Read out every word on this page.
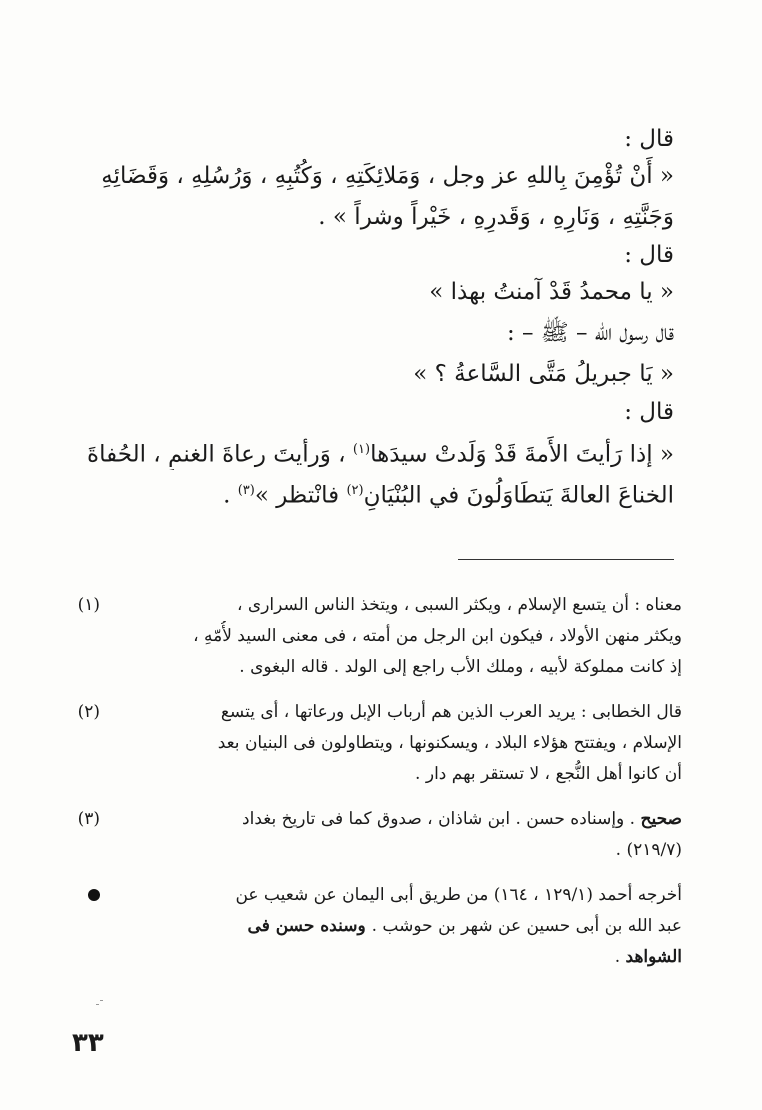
قال :
« أَنْ تُؤْمِنَ بِاللهِ عز وجل ، وَمَلائِكَتِهِ ، وَكُتُبِهِ ، وَرُسُلِهِ ، وَقَضَائِهِ
وَجَنَّتِهِ ، وَنَارِهِ ، وَقَدرِهِ ، خَيْراً وشراً » .
قال :
« يا محمدُ قَدْ آمنتُ بهذا »
قال رسول الله – ﷺ – :
« يَا جبريلُ مَتَّى السَّاعةُ ؟ »
قال :
« إذا رَأيتَ الأَمةَ قَدْ وَلَدتْ سيدَها$^{(١)}$ ، وَرأيتَ رعاةَ الغنمِ ، الحُفاةَ
الخناعَ العالةَ يَتطَاوَلُونَ في البُنْيَانِ$^{(٢)}$ فانْتظر »$^{(٣)}$ .
(١)	معناه : أن يتسع الإسلام ، ويكثر السبى ، ويتخذ الناس السرارى ،
ويكثر منهن الأولاد ، فيكون ابن الرجل من أمته ، فى معنى السيد لأُمّهِ ،
إذ كانت مملوكة لأبيه ، وملك الأب راجع إلى الولد . قاله البغوى .
(٢)	قال الخطابى : يريد العرب الذين هم أرباب الإبل ورعاتها ، أى يتسع
الإسلام ، ويفتتح هؤلاء البلاد ، ويسكنونها ، ويتطاولون فى البنيان بعد
أن كانوا أهل النُّجع ، لا تستقر بهم دار .
(٣)	صحيح . وإسناده حسن . ابن شاذان ، صدوق كما فى تاريخ بغداد
(٢١٩/٧) .
أخرجه أحمد (١٢٩/١ ، ١٦٤) من طريق أبى اليمان عن شعيب عن
عبد الله بن أبى حسين عن شهر بن حوشب . وسنده حسن فى
الشواهد .
٣٣
